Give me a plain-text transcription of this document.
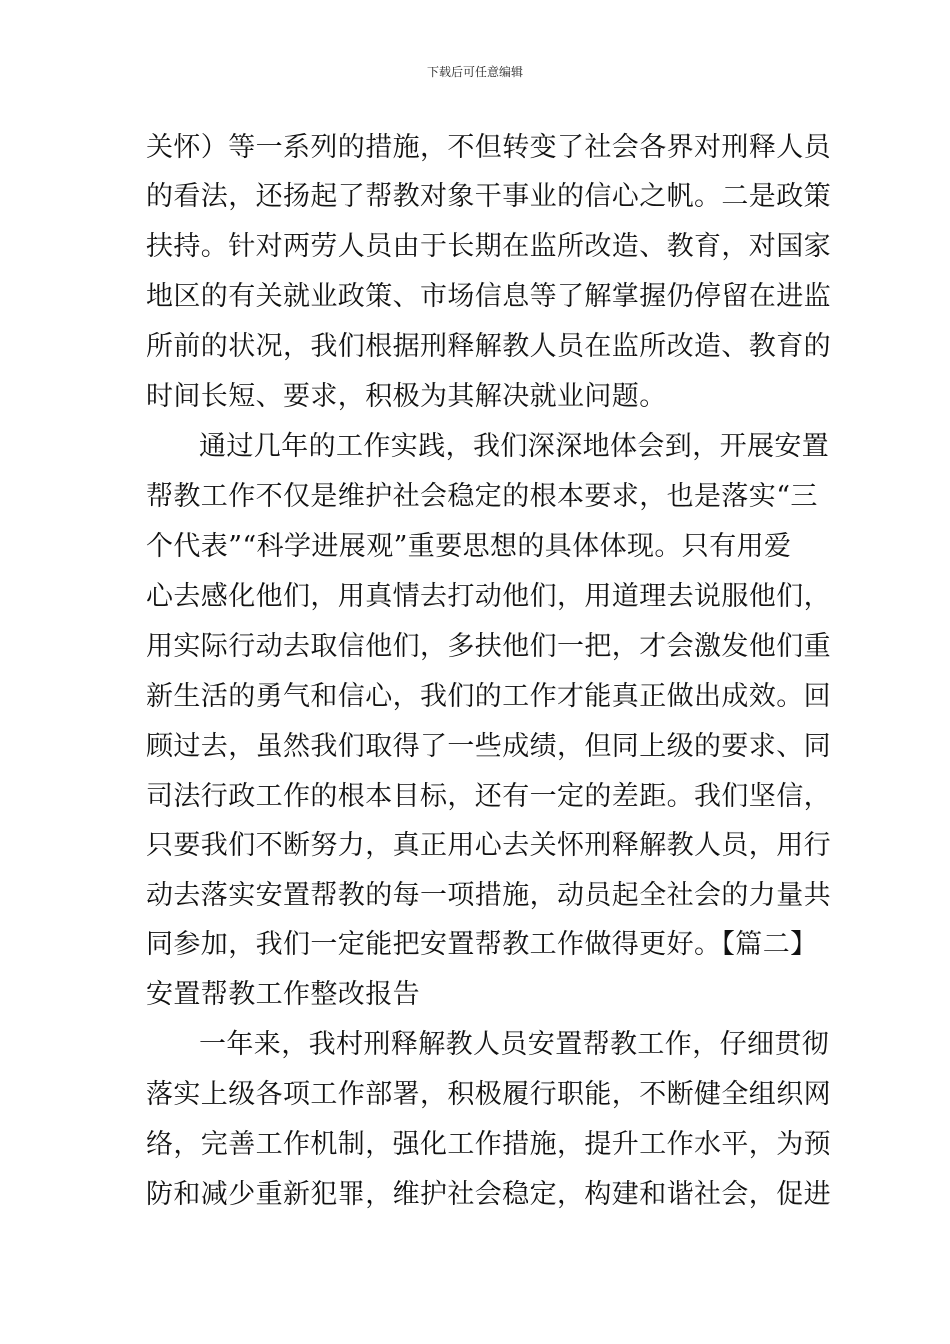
下载后可任意编辑
关怀）等一系列的措施，不但转变了社会各界对刑释人员
的看法，还扬起了帮教对象干事业的信心之帆。二是政策
扶持。针对两劳人员由于长期在监所改造、教育，对国家
地区的有关就业政策、市场信息等了解掌握仍停留在进监
所前的状况，我们根据刑释解教人员在监所改造、教育的
时间长短、要求，积极为其解决就业问题。
通过几年的工作实践，我们深深地体会到，开展安置
帮教工作不仅是维护社会稳定的根本要求，也是落实“三
个代表”“科学进展观”重要思想的具体体现。只有用爱
心去感化他们，用真情去打动他们，用道理去说服他们，
用实际行动去取信他们，多扶他们一把，才会激发他们重
新生活的勇气和信心，我们的工作才能真正做出成效。回
顾过去，虽然我们取得了一些成绩，但同上级的要求、同
司法行政工作的根本目标，还有一定的差距。我们坚信，
只要我们不断努力，真正用心去关怀刑释解教人员，用行
动去落实安置帮教的每一项措施，动员起全社会的力量共
同参加，我们一定能把安置帮教工作做得更好。【篇二】
安置帮教工作整改报告
一年来，我村刑释解教人员安置帮教工作，仔细贯彻
落实上级各项工作部署，积极履行职能，不断健全组织网
络，完善工作机制，强化工作措施，提升工作水平，为预
防和减少重新犯罪，维护社会稳定，构建和谐社会，促进
